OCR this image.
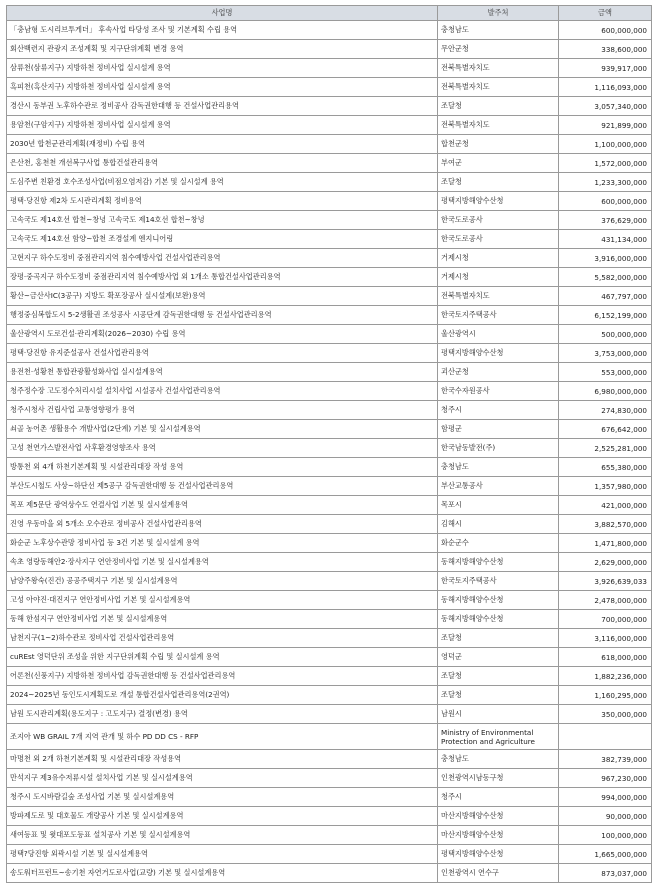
사업명	발주처	금액
「충남형 도시리브투게더」 후속사업 타당성 조사 및 기본계획 수립 용역	충청남도	600,000,000
회산백련지 관광지 조성계획 및 지구단위계획 변경 용역	무안군청	338,600,000
삼류천(삼류지구) 지방하천 정비사업 실시설계 용역	전북특별자치도	939,917,000
흑피천(흑산지구) 지방하천 정비사업 실시설계 용역	전북특별자치도	1,116,093,000
경산시 동부권 노후하수관로 정비공사 감독권한대행 등 건설사업관리용역	조달청	3,057,340,000
용암천(구암지구) 지방하천 정비사업 실시설계 용역	전북특별자치도	921,899,000
2030년 합천군관리계획(재정비) 수립 용역	합천군청	1,100,000,000
은산천, 홍천천 개선복구사업 통합건설관리용역	부여군	1,572,000,000
도심주변 친환경 호수조성사업(비점오염저감) 기본 및 실시설계 용역	조달청	1,233,300,000
평택·당진항 제2차 도시관리계획 정비용역	평택지방해양수산청	600,000,000
고속국도 제14호선 합천~창녕 고속국도 제14호선 합천~창녕	한국도로공사	376,629,000
고속국도 제14호선 함양~합천 조경설계 엔지니어링	한국도로공사	431,134,000
고현지구 하수도정비 중점관리지역 침수예방사업 건설사업관리용역	거제시청	3,916,000,000
장평·중곡지구 하수도정비 중점관리지역 침수예방사업 외 1개소 통합건설사업관리용역	거제시청	5,582,000,000
황산~금산사IC(3공구) 지방도 확포장공사 실시설계(보완)용역	전북특별자치도	467,797,000
행정중심복합도시 5-2생활권 조성공사 시공단계 감독권한대행 등 건설사업관리용역	한국토지주택공사	6,152,199,000
울산광역시 도로건설·관리계획(2026~2030) 수립 용역	울산광역시	500,000,000
평택·당진항 유지준설공사 건설사업관리용역	평택지방해양수산청	3,753,000,000
용전천·성황천 통합관광활성화사업 실시설계용역	괴산군청	553,000,000
청주정수장 고도정수처리시설 설치사업 시설공사 건설사업관리용역	한국수자원공사	6,980,000,000
청주시청사 건립사업 교통영향평가 용역	청주시	274,830,000
쇠골 농어촌 생활용수 개발사업(2단계) 기본 및 실시설계용역	함평군	676,642,000
고성 천연가스발전사업 사후환경영향조사 용역	한국남동발전(주)	2,525,281,000
방통천 외 4개 하천기본계획 및 시설관리대장 작성 용역	충청남도	655,380,000
부산도시철도 사상~하단선 제5공구 감독권한대행 등 건설사업관리용역	부산교통공사	1,357,980,000
목포 제5문단 광역상수도 연결사업 기본 및 실시설계용역	목포시	421,000,000
진영 우동마을 외 5개소 오수관로 정비공사 건설사업관리용역	김해시	3,882,570,000
화순군 노후상수관망 정비사업 등 3건 기본 및 실시설계 용역	화순군수	1,471,800,000
속초 영랑동해안2·장사지구 연안정비사업 기본 및 실시설계용역	동해지방해양수산청	2,629,000,000
남양주왕숙(진건) 공공주택지구 기본 및 실시설계용역	한국토지주택공사	3,926,639,033
고성 아야진·대진지구 연안정비사업 기본 및 실시설계용역	동해지방해양수산청	2,478,000,000
동해 한섬지구 연안정비사업 기본 및 실시설계용역	동해지방해양수산청	700,000,000
남천지구(1~2)하수관로 정비사업 건설사업관리용역	조달청	3,116,000,000
cuREst 영덕단위 조성을 위한 지구단위계획 수립 및 실시설계 용역	영덕군	618,000,000
어론천(신풍지구) 지방하천 정비사업 감독권한대행 등 건설사업관리용역	조달청	1,882,236,000
2024~2025년 동인도시계획도로 개설 통합건설사업관리용역(2권역)	조달청	1,160,295,000
남원 도시관리계획(용도지구 : 고도지구) 결정(변경) 용역	남원시	350,000,000
조지아 WB GRAIL 7개 지역 관개 및 하수 PD DD CS - RFP	Ministry of Environmental Protection and Agriculture	
마명천 외 2개 하천기본계획 및 시설관리대장 작성용역	충청남도	382,739,000
만석지구 제3유수저류시설 설치사업 기본 및 실시설계용역	인천광역시남동구청	967,230,000
청주시 도시바람길숲 조성사업 기본 및 실시설계용역	청주시	994,000,000
방파제도로 및 대호물도 개량공사 기본 및 실시설계용역	마산지방해양수산청	90,000,000
새여등표 및 윗대포도등표 설치공사 기본 및 실시설계용역	마산지방해양수산청	100,000,000
평택?당진항 외곽시설 기본 및 실시설계용역	평택지방해양수산청	1,665,000,000
송도워터프런트~송기천 자연거도로사업(교량) 기본 및 실시설계용역	인천광역시 연수구	873,037,000
